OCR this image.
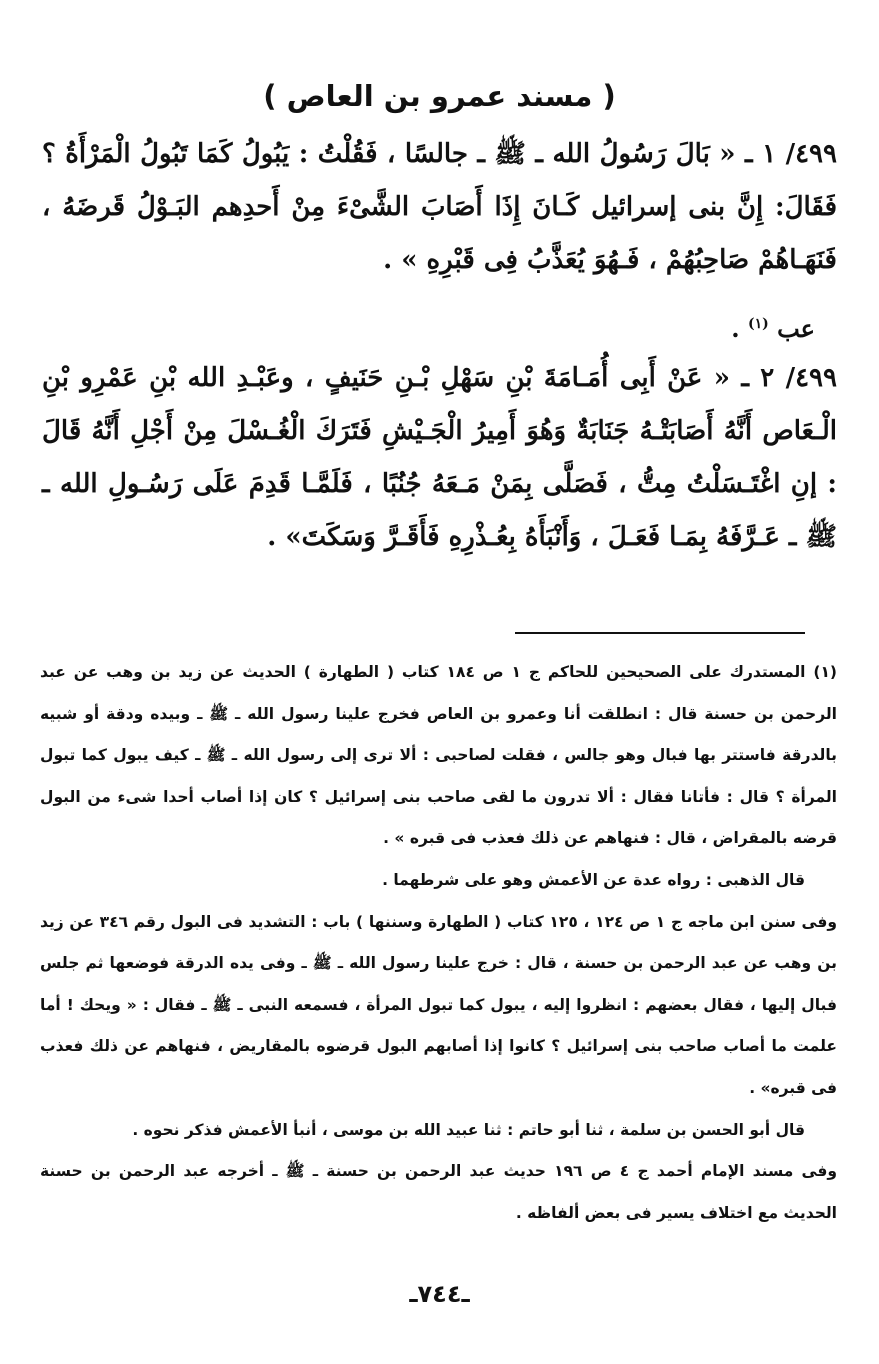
( مسند عمرو بن العاص )
٤٩٩/ ١ ـ « بَالَ رَسُولُ الله ـ ﷺ ـ جالسًا ، فَقُلْتُ : يَبُولُ كَمَا تَبُولُ الْمَرْأَةُ ؟ فَقَالَ: إِنَّ بنى إسرائيل كَـانَ إِذَا أَصَابَ الشَّىْءَ مِنْ أَحدِهم البَـوْلُ قَرضَهُ ، فَنَهَـاهُمْ صَاحِبُهُمْ ، فَـهُوَ يُعَذَّبُ فِى قَبْرِهِ » .
عب $^{(١)}$ .
٤٩٩/ ٢ ـ « عَنْ أَبِى أُمَـامَةَ بْنِ سَهْلِ بْـنِ حَنَيفٍ ، وعَبْـدِ الله بْنِ عَمْرِو بْنِ الْـعَاص أَنَّهُ أَصَابَتْـهُ جَنَابَةٌ وَهُوَ أَمِيرُ الْجَـيْشِ فَتَرَكَ الْغُـسْلَ مِنْ أَجْلِ أَنَّهُ قَالَ : إنِ اغْتَـسَلْتُ مِتُّ ، فَصَلَّى بِمَنْ مَـعَهُ جُنُبًا ، فَلَمَّـا قَدِمَ عَلَى رَسُـولِ الله ـ ﷺ ـ عَـرَّفَهُ بِمَـا فَعَـلَ ، وَأَنْبَأَهُ بِعُـذْرِهِ فَأَقَـرَّ وَسَكَتَ» .

(١) المستدرك على الصحيحين للحاكم ج ١ ص ١٨٤ كتاب ( الطهارة ) الحديث عن زيد بن وهب عن عبد الرحمن بن حسنة قال : انطلقت أنا وعمرو بن العاص فخرج علينا رسول الله ـ ﷺ ـ وبيده ودقة أو شبيه بالدرقة فاستتر بها فبال وهو جالس ، فقلت لصاحبى : ألا ترى إلى رسول الله ـ ﷺ ـ كيف يبول كما تبول المرأة ؟ قال : فأتانا فقال : ألا تدرون ما لقى صاحب بنى إسرائيل ؟ كان إذا أصاب أحدا شىء من البول قرضه بالمقراض ، قال : فنهاهم عن ذلك فعذب فى قبره » .

قال الذهبى : رواه عدة عن الأعمش وهو على شرطهما .

وفى سنن ابن ماجه ج ١ ص ١٢٤ ، ١٢٥ كتاب ( الطهارة وسننها ) باب : التشديد فى البول رقم ٣٤٦ عن زيد بن وهب عن عبد الرحمن بن حسنة ، قال : خرج علينا رسول الله ـ ﷺ ـ وفى يده الدرقة فوضعها ثم جلس فبال إليها ، فقال بعضهم : انظروا إليه ، يبول كما تبول المرأة ، فسمعه النبى ـ ﷺ ـ فقال : « ويحك ! أما علمت ما أصاب صاحب بنى إسرائيل ؟ كانوا إذا أصابهم البول قرضوه بالمقاريض ، فنهاهم عن ذلك فعذب فى قبره» .

قال أبو الحسن بن سلمة ، ثنا أبو حاتم : ثنا عبيد الله بن موسى ، أنبأ الأعمش فذكر نحوه .

وفى مسند الإمام أحمد ج ٤ ص ١٩٦ حديث عبد الرحمن بن حسنة ـ ﷺ ـ أخرجه عبد الرحمن بن حسنة الحديث مع اختلاف يسير فى بعض ألفاظه .

ـ٧٤٤ـ
